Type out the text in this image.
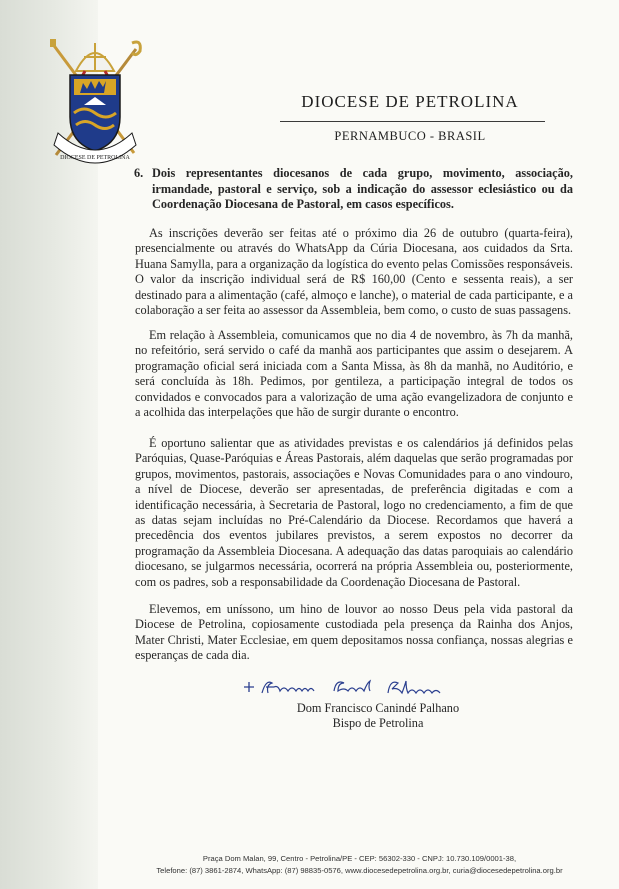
DIOCESE DE PETROLINA
DIOCESE DE PETROLINA
PERNAMBUCO - BRASIL
6. Dois representantes diocesanos de cada grupo, movimento, associação, irmandade, pastoral e serviço, sob a indicação do assessor eclesiástico ou da Coordenação Diocesana de Pastoral, em casos específicos.

As inscrições deverão ser feitas até o próximo dia 26 de outubro (quarta-feira), presencialmente ou através do WhatsApp da Cúria Diocesana, aos cuidados da Srta. Huana Samylla, para a organização da logística do evento pelas Comissões responsáveis. O valor da inscrição individual será de R$ 160,00 (Cento e sessenta reais), a ser destinado para a alimentação (café, almoço e lanche), o material de cada participante, e a colaboração a ser feita ao assessor da Assembleia, bem como, o custo de suas passagens.

Em relação à Assembleia, comunicamos que no dia 4 de novembro, às 7h da manhã, no refeitório, será servido o café da manhã aos participantes que assim o desejarem. A programação oficial será iniciada com a Santa Missa, às 8h da manhã, no Auditório, e será concluída às 18h. Pedimos, por gentileza, a participação integral de todos os convidados e convocados para a valorização de uma ação evangelizadora de conjunto e a acolhida das interpelações que hão de surgir durante o encontro.

É oportuno salientar que as atividades previstas e os calendários já definidos pelas Paróquias, Quase-Paróquias e Áreas Pastorais, além daquelas que serão programadas por grupos, movimentos, pastorais, associações e Novas Comunidades para o ano vindouro, a nível de Diocese, deverão ser apresentadas, de preferência digitadas e com a identificação necessária, à Secretaria de Pastoral, logo no credenciamento, a fim de que as datas sejam incluídas no Pré-Calendário da Diocese. Recordamos que haverá a precedência dos eventos jubilares previstos, a serem expostos no decorrer da programação da Assembleia Diocesana. A adequação das datas paroquiais ao calendário diocesano, se julgarmos necessária, ocorrerá na própria Assembleia ou, posteriormente, com os padres, sob a responsabilidade da Coordenação Diocesana de Pastoral.

Elevemos, em uníssono, um hino de louvor ao nosso Deus pela vida pastoral da Diocese de Petrolina, copiosamente custodiada pela presença da Rainha dos Anjos, Mater Christi, Mater Ecclesiae, em quem depositamos nossa confiança, nossas alegrias e esperanças de cada dia.

Dom Francisco Canindé Palhano
Bispo de Petrolina
Praça Dom Malan, 99, Centro - Petrolina/PE - CEP: 56302-330 - CNPJ: 10.730.109/0001-38,
Telefone: (87) 3861-2874, WhatsApp: (87) 98835-0576, www.diocesedepetrolina.org.br, curia@diocesedepetrolina.org.br
